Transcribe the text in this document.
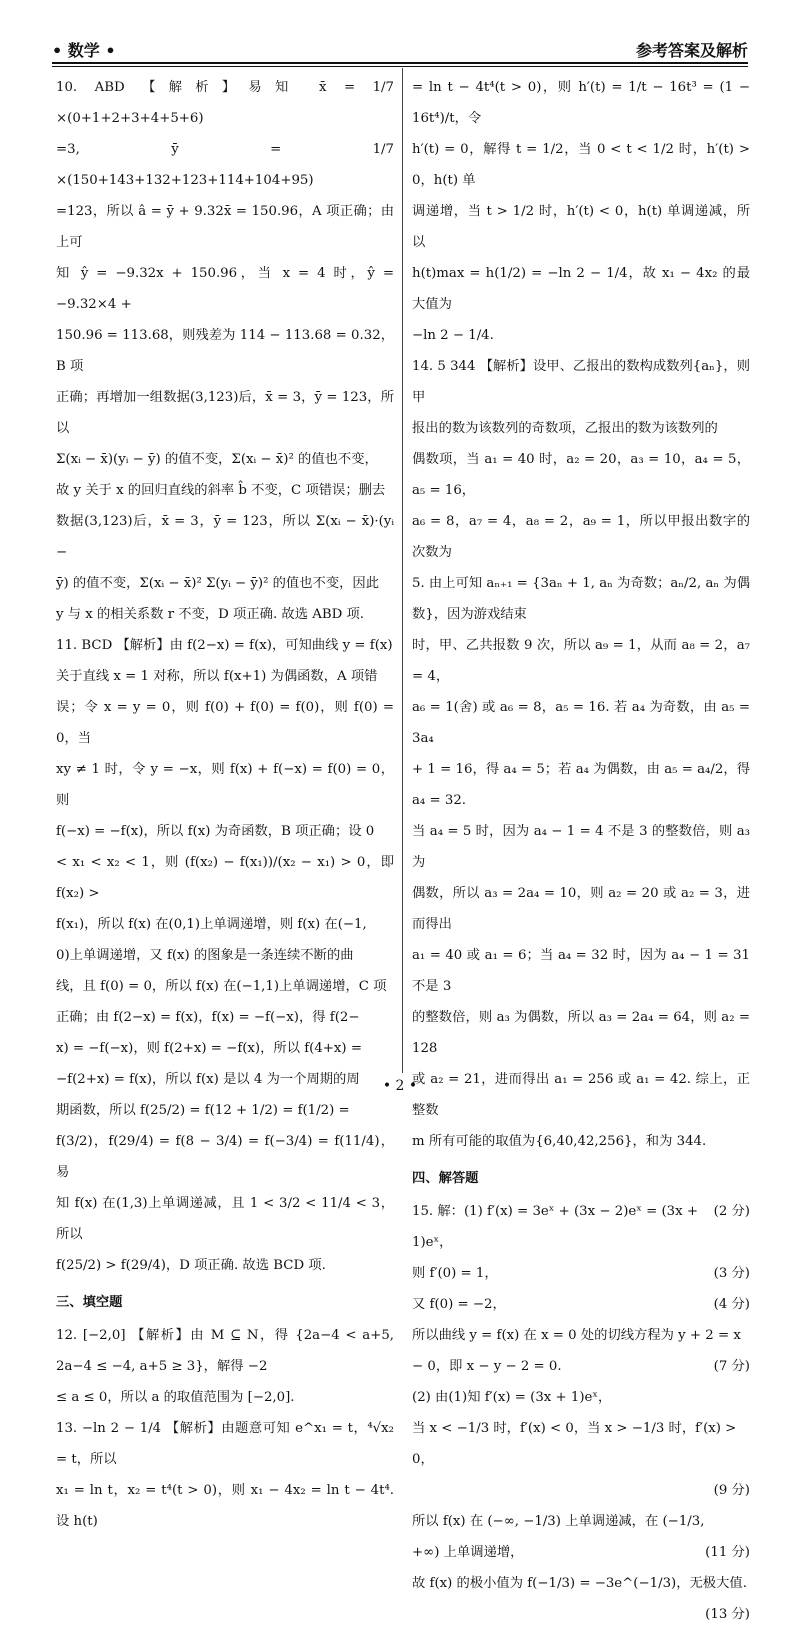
• 数学 •	参考答案及解析
10. ABD 【解析】易知 x̄ = 1/7 ×(0+1+2+3+4+5+6)
=3, ȳ = 1/7 ×(150+143+132+123+114+104+95)
=123，所以 â = ȳ + 9.32x̄ = 150.96，A 项正确；由上可
知 ŷ = −9.32x + 150.96，当 x = 4 时，ŷ = −9.32×4 +
150.96 = 113.68，则残差为 114 − 113.68 = 0.32，B 项
正确；再增加一组数据(3,123)后，x̄ = 3，ȳ = 123，所以
Σ(xᵢ − x̄)(yᵢ − ȳ) 的值不变，Σ(xᵢ − x̄)² 的值也不变，
故 y 关于 x 的回归直线的斜率 b̂ 不变，C 项错误；删去
数据(3,123)后，x̄ = 3，ȳ = 123，所以 Σ(xᵢ − x̄)·(yᵢ −
ȳ) 的值不变，Σ(xᵢ − x̄)² Σ(yᵢ − ȳ)² 的值也不变，因此
y 与 x 的相关系数 r 不变，D 项正确. 故选 ABD 项.
11. BCD 【解析】由 f(2−x) = f(x)，可知曲线 y = f(x)
关于直线 x = 1 对称，所以 f(x+1) 为偶函数，A 项错
误；令 x = y = 0，则 f(0) + f(0) = f(0)，则 f(0) = 0，当
xy ≠ 1 时，令 y = −x，则 f(x) + f(−x) = f(0) = 0，则
f(−x) = −f(x)，所以 f(x) 为奇函数，B 项正确；设 0
< x₁ < x₂ < 1，则 (f(x₂) − f(x₁))/(x₂ − x₁) > 0，即 f(x₂) >
f(x₁)，所以 f(x) 在(0,1)上单调递增，则 f(x) 在(−1,
0)上单调递增，又 f(x) 的图象是一条连续不断的曲
线，且 f(0) = 0，所以 f(x) 在(−1,1)上单调递增，C 项
正确；由 f(2−x) = f(x)，f(x) = −f(−x)，得 f(2−
x) = −f(−x)，则 f(2+x) = −f(x)，所以 f(4+x) =
−f(2+x) = f(x)，所以 f(x) 是以 4 为一个周期的周
期函数，所以 f(25/2) = f(12 + 1/2) = f(1/2) =
f(3/2)，f(29/4) = f(8 − 3/4) = f(−3/4) = f(11/4)，易
知 f(x) 在(1,3)上单调递减，且 1 < 3/2 < 11/4 < 3，所以
f(25/2) > f(29/4)，D 项正确. 故选 BCD 项.
三、填空题
12. [−2,0] 【解析】由 M ⊆ N，得 {2a−4 < a+5, 2a−4 ≤ −4, a+5 ≥ 3}，解得 −2
≤ a ≤ 0，所以 a 的取值范围为 [−2,0].
13. −ln 2 − 1/4 【解析】由题意可知 e^x₁ = t，⁴√x₂ = t，所以
x₁ = ln t，x₂ = t⁴(t > 0)，则 x₁ − 4x₂ = ln t − 4t⁴. 设 h(t)
= ln t − 4t⁴(t > 0)，则 h′(t) = 1/t − 16t³ = (1 − 16t⁴)/t，令
h′(t) = 0，解得 t = 1/2，当 0 < t < 1/2 时，h′(t) > 0，h(t) 单
调递增，当 t > 1/2 时，h′(t) < 0，h(t) 单调递减，所以
h(t)max = h(1/2) = −ln 2 − 1/4，故 x₁ − 4x₂ 的最大值为
−ln 2 − 1/4.
14. 5 344 【解析】设甲、乙报出的数构成数列{aₙ}，则甲
报出的数为该数列的奇数项，乙报出的数为该数列的
偶数项，当 a₁ = 40 时，a₂ = 20，a₃ = 10，a₄ = 5，a₅ = 16，
a₆ = 8，a₇ = 4，a₈ = 2，a₉ = 1，所以甲报出数字的次数为
5. 由上可知 aₙ₊₁ = {3aₙ + 1, aₙ 为奇数；aₙ/2, aₙ 为偶数}，因为游戏结束
时，甲、乙共报数 9 次，所以 a₉ = 1，从而 a₈ = 2，a₇ = 4，
a₆ = 1(舍) 或 a₆ = 8，a₅ = 16. 若 a₄ 为奇数，由 a₅ = 3a₄
+ 1 = 16，得 a₄ = 5；若 a₄ 为偶数，由 a₅ = a₄/2，得 a₄ = 32.
当 a₄ = 5 时，因为 a₄ − 1 = 4 不是 3 的整数倍，则 a₃ 为
偶数，所以 a₃ = 2a₄ = 10，则 a₂ = 20 或 a₂ = 3，进而得出
a₁ = 40 或 a₁ = 6；当 a₄ = 32 时，因为 a₄ − 1 = 31 不是 3
的整数倍，则 a₃ 为偶数，所以 a₃ = 2a₄ = 64，则 a₂ = 128
或 a₂ = 21，进而得出 a₁ = 256 或 a₁ = 42. 综上，正整数
m 所有可能的取值为{6,40,42,256}，和为 344.
四、解答题
15. 解：(1) f′(x) = 3eˣ + (3x − 2)eˣ = (3x + 1)eˣ，
(2 分)
则 f′(0) = 1，	(3 分)
又 f(0) = −2，	(4 分)
所以曲线 y = f(x) 在 x = 0 处的切线方程为 y + 2 = x
− 0，即 x − y − 2 = 0.	(7 分)
(2) 由(1)知 f′(x) = (3x + 1)eˣ，
当 x < −1/3 时，f′(x) < 0，当 x > −1/3 时，f′(x) > 0，
(9 分)
所以 f(x) 在 (−∞, −1/3) 上单调递减，在 (−1/3,
+∞) 上单调递增，	(11 分)
故 f(x) 的极小值为 f(−1/3) = −3e^(−1/3)，无极大值.
(13 分)
• 2 •
